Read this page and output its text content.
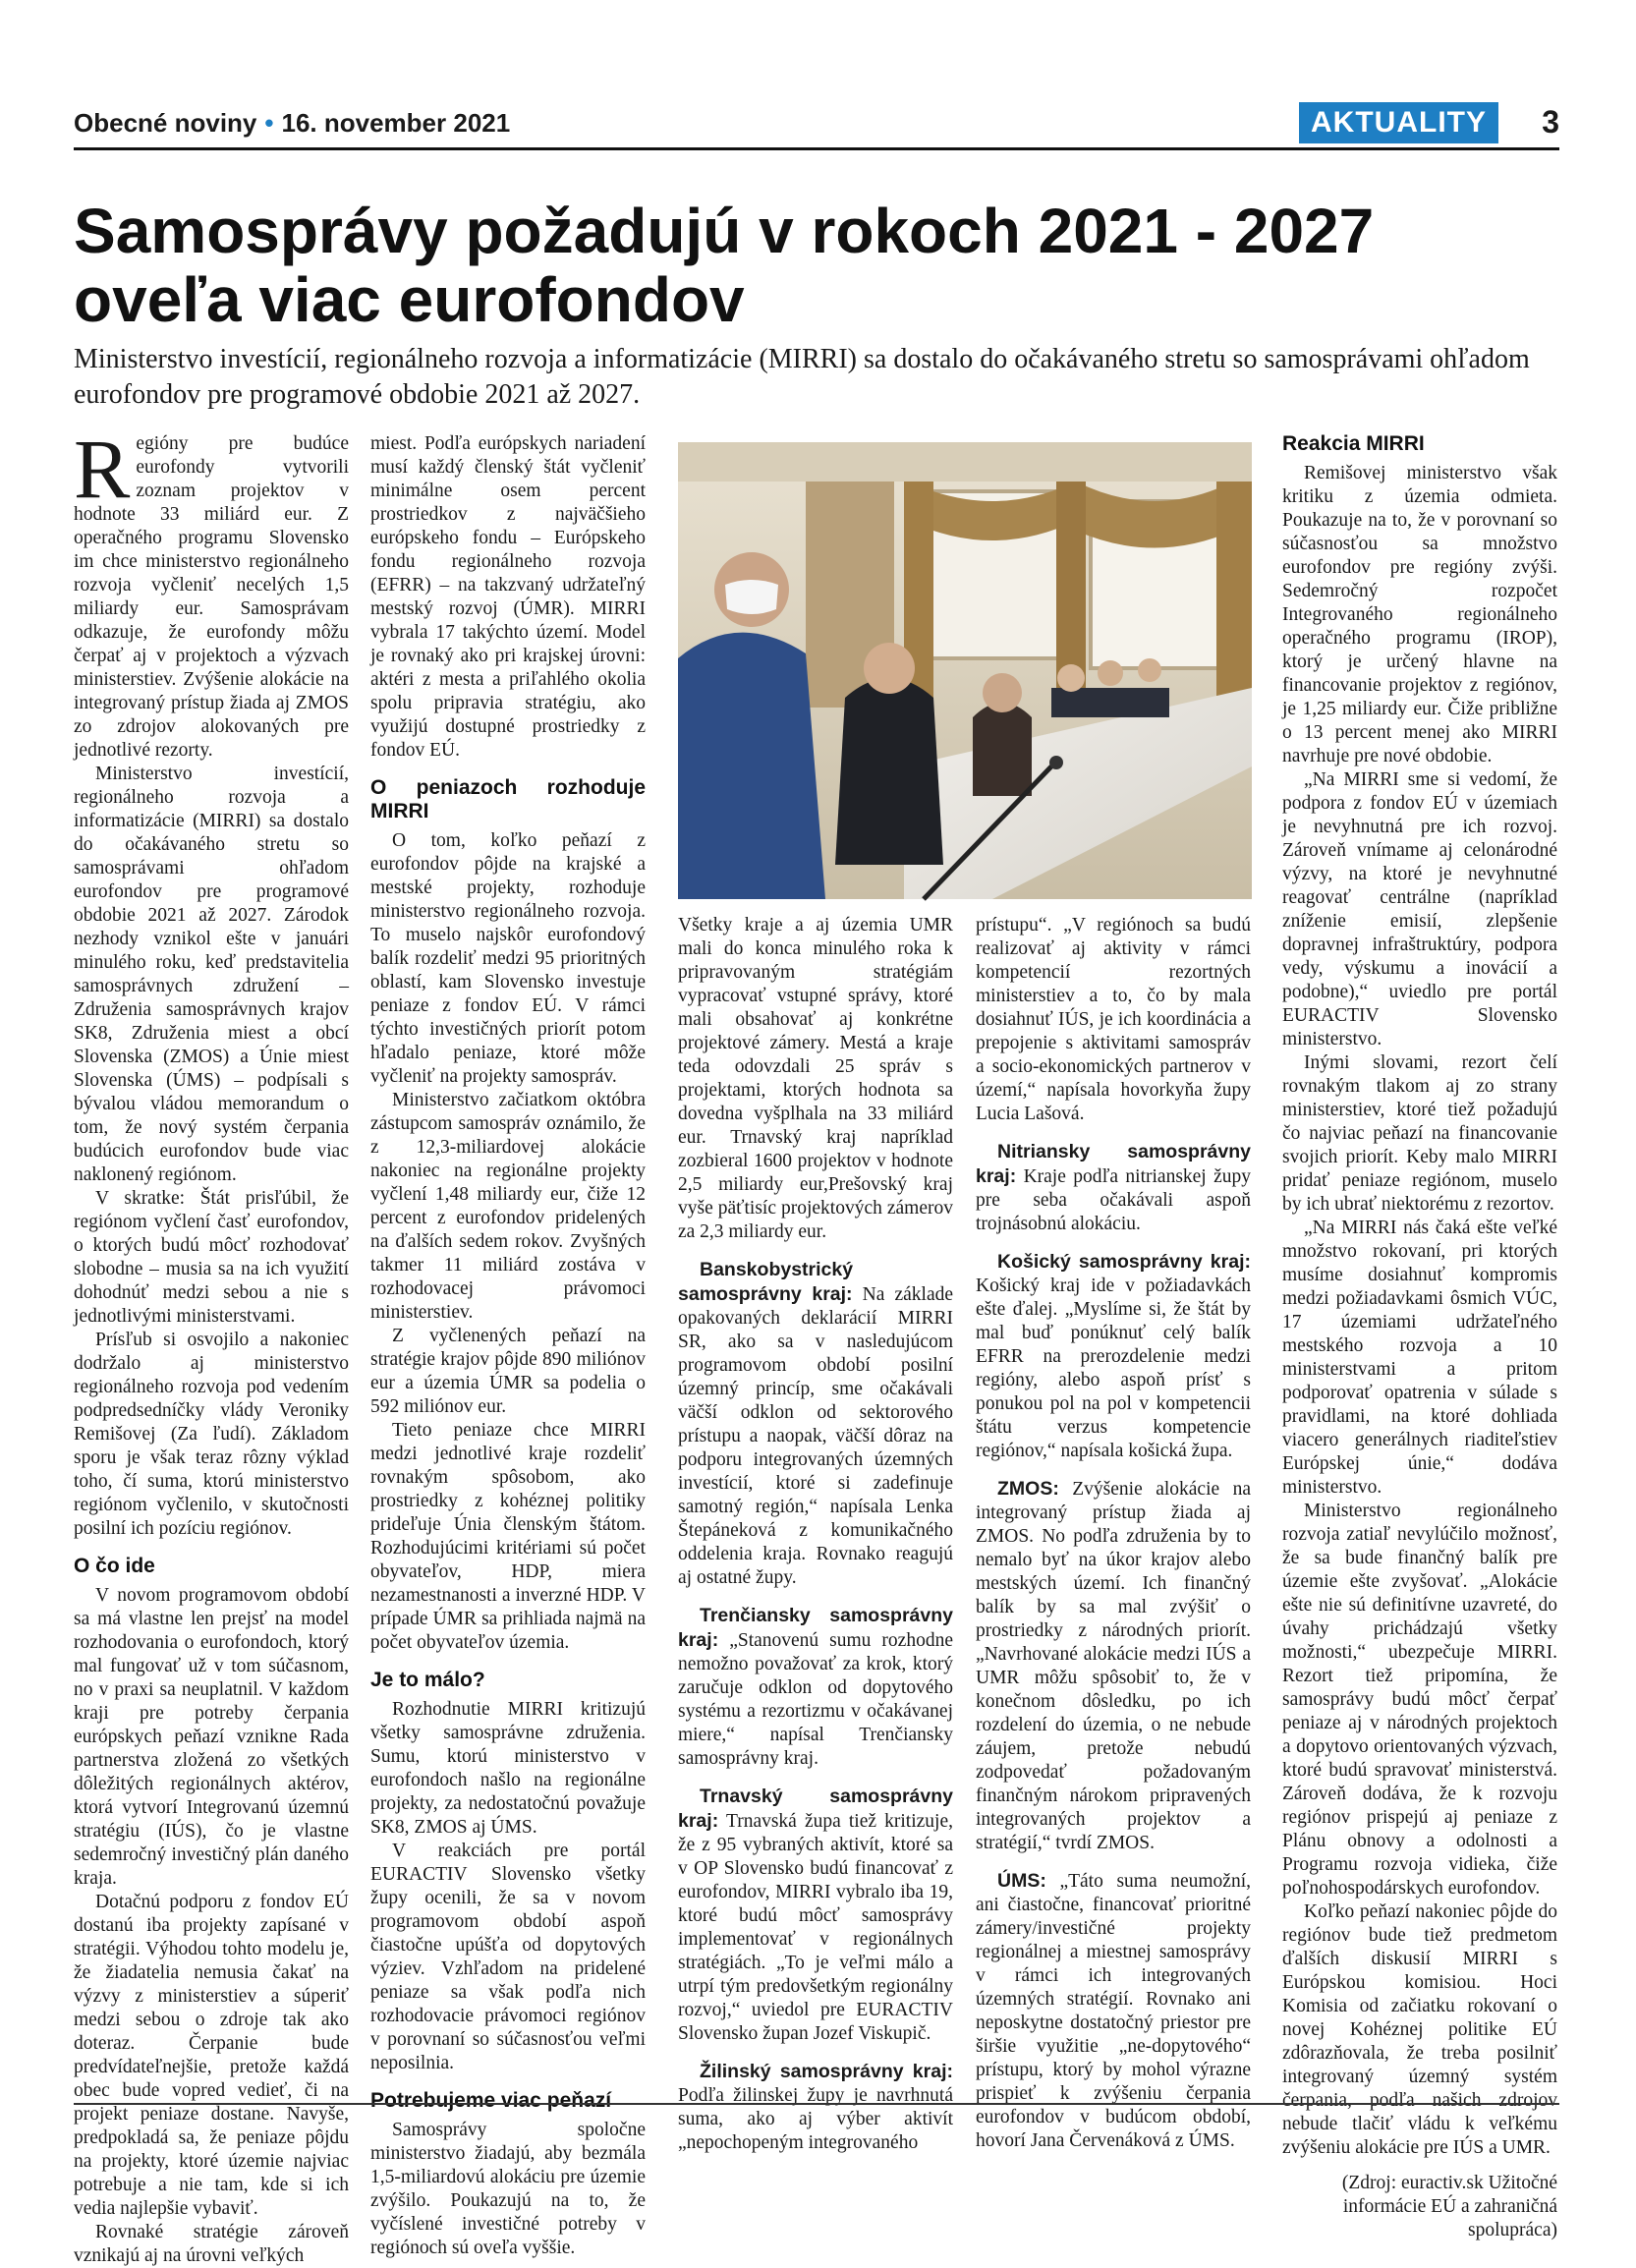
Obecné noviny • 16. november 2021	AKTUALITY	3
Samosprávy požadujú v rokoch 2021 - 2027 oveľa viac eurofondov
Ministerstvo investícií, regionálneho rozvoja a informatizácie (MIRRI) sa dostalo do očakávaného stretu so samosprávami ohľadom eurofondov pre programové obdobie 2021 až 2027.

Regióny pre budúce eurofondy vytvorili zoznam projektov v hodnote 33 miliárd eur. Z operačného programu Slovensko im chce ministerstvo regionálneho rozvoja vyčleniť necelých 1,5 miliardy eur. Samosprávam odkazuje, že eurofondy môžu čerpať aj v projektoch a výzvach ministerstiev. Zvýšenie alokácie na integrovaný prístup žiada aj ZMOS zo zdrojov alokovaných pre jednotlivé rezorty.

Ministerstvo investícií, regionálneho rozvoja a informatizácie (MIRRI) sa dostalo do očakávaného stretu so samosprávami ohľadom eurofondov pre programové obdobie 2021 až 2027. Zárodok nezhody vznikol ešte v januári minulého roku, keď predstavitelia samosprávnych združení – Združenia samosprávnych krajov SK8, Združenia miest a obcí Slovenska (ZMOS) a Únie miest Slovenska (ÚMS) – podpísali s bývalou vládou memorandum o tom, že nový systém čerpania budúcich eurofondov bude viac naklonený regiónom.

V skratke: Štát prisľúbil, že regiónom vyčlení časť eurofondov, o ktorých budú môcť rozhodovať slobodne – musia sa na ich využití dohodnúť medzi sebou a nie s jednotlivými ministerstvami.

Prísľub si osvojilo a nakoniec dodržalo aj ministerstvo regionálneho rozvoja pod vedením podpredsedníčky vlády Veroniky Remišovej (Za ľudí). Základom sporu je však teraz rôzny výklad toho, čí suma, ktorú ministerstvo regiónom vyčlenilo, v skutočnosti posilní ich pozíciu regiónov.

O čo ide

V novom programovom období sa má vlastne len prejsť na model rozhodovania o eurofondoch, ktorý mal fungovať už v tom súčasnom, no v praxi sa neuplatnil. V každom kraji pre potreby čerpania európskych peňazí vznikne Rada partnerstva zložená zo všetkých dôležitých regionálnych aktérov, ktorá vytvorí Integrovanú územnú stratégiu (IÚS), čo je vlastne sedemročný investičný plán daného kraja.

Dotačnú podporu z fondov EÚ dostanú iba projekty zapísané v stratégii. Výhodou tohto modelu je, že žiadatelia nemusia čakať na výzvy z ministerstiev a súperiť medzi sebou o zdroje tak ako doteraz. Čerpanie bude predvídateľnejšie, pretože každá obec bude vopred vedieť, či na projekt peniaze dostane. Navyše, predpokladá sa, že peniaze pôjdu na projekty, ktoré územie najviac potrebuje a nie tam, kde si ich vedia najlepšie vybaviť.

Rovnaké stratégie zároveň vznikajú aj na úrovni veľkých

miest. Podľa európskych nariadení musí každý členský štát vyčleniť minimálne osem percent prostriedkov z najväčšieho európskeho fondu – Európskeho fondu regionálneho rozvoja (EFRR) – na takzvaný udržateľný mestský rozvoj (ÚMR). MIRRI vybrala 17 takýchto území. Model je rovnaký ako pri krajskej úrovni: aktéri z mesta a priľahlého okolia spolu pripravia stratégiu, ako využijú dostupné prostriedky z fondov EÚ.

O peniazoch rozhoduje MIRRI

O tom, koľko peňazí z eurofondov pôjde na krajské a mestské projekty, rozhoduje ministerstvo regionálneho rozvoja. To muselo najskôr eurofondový balík rozdeliť medzi 95 prioritných oblastí, kam Slovensko investuje peniaze z fondov EÚ. V rámci týchto investičných priorít potom hľadalo peniaze, ktoré môže vyčleniť na projekty samospráv.

Ministerstvo začiatkom októbra zástupcom samospráv oznámilo, že z 12,3-miliardovej alokácie nakoniec na regionálne projekty vyčlení 1,48 miliardy eur, čiže 12 percent z eurofondov pridelených na ďalších sedem rokov. Zvyšných takmer 11 miliárd zostáva v rozhodovacej právomoci ministerstiev.

Z vyčlenených peňazí na stratégie krajov pôjde 890 miliónov eur a územia ÚMR sa podelia o 592 miliónov eur.

Tieto peniaze chce MIRRI medzi jednotlivé kraje rozdeliť rovnakým spôsobom, ako prostriedky z kohéznej politiky prideľuje Únia členským štátom. Rozhodujúcimi kritériami sú počet obyvateľov, HDP, miera nezamestnanosti a inverzné HDP. V prípade ÚMR sa prihliada najmä na počet obyvateľov územia.

Je to málo?

Rozhodnutie MIRRI kritizujú všetky samosprávne združenia. Sumu, ktorú ministerstvo v eurofondoch našlo na regionálne projekty, za nedostatočnú považuje SK8, ZMOS aj ÚMS.

V reakciách pre portál EURACTIV Slovensko všetky župy ocenili, že sa v novom programovom období aspoň čiastočne upúšťa od dopytových výziev. Vzhľadom na pridelené peniaze sa však podľa nich rozhodovacie právomoci regiónov v porovnaní so súčasnosťou veľmi neposilnia.

Potrebujeme viac peňazí

Samosprávy spoločne ministerstvo žiadajú, aby bezmála 1,5-miliardovú alokáciu pre územie zvýšilo. Poukazujú na to, že vyčíslené investičné potreby v regiónoch sú oveľa vyššie.

Všetky kraje a aj územia UMR mali do konca minulého roka k pripravovaným stratégiám vypracovať vstupné správy, ktoré mali obsahovať aj konkrétne projektové zámery. Mestá a kraje teda odovzdali 25 správ s projektami, ktorých hodnota sa dovedna vyšplhala na 33 miliárd eur. Trnavský kraj napríklad zozbieral 1600 projektov v hodnote 2,5 miliardy eur,Prešovský kraj vyše päťtisíc projektových zámerov za 2,3 miliardy eur.

Banskobystrický samosprávny kraj: Na základe opakovaných deklarácií MIRRI SR, ako sa v nasledujúcom programovom období posilní územný princíp, sme očakávali väčší odklon od sektorového prístupu a naopak, väčší dôraz na podporu integrovaných územných investícií, ktoré si zadefinuje samotný región,“ napísala Lenka Štepáneková z komunikačného oddelenia kraja. Rovnako reagujú aj ostatné župy.

Trenčiansky samosprávny kraj: „Stanovenú sumu rozhodne nemožno považovať za krok, ktorý zaručuje odklon od dopytového systému a rezortizmu v očakávanej miere,“ napísal Trenčiansky samosprávny kraj.

Trnavský samosprávny kraj: Trnavská župa tiež kritizuje, že z 95 vybraných aktivít, ktoré sa v OP Slovensko budú financovať z eurofondov, MIRRI vybralo iba 19, ktoré budú môcť samosprávy implementovať v regionálnych stratégiách. „To je veľmi málo a utrpí tým predovšetkým regionálny rozvoj,“ uviedol pre EURACTIV Slovensko župan Jozef Viskupič.

Žilinský samosprávny kraj: Podľa žilinskej župy je navrhnutá suma, ako aj výber aktivít „nepochopeným integrovaného

prístupu“. „V regiónoch sa budú realizovať aj aktivity v rámci kompetencií rezortných ministerstiev a to, čo by mala dosiahnuť IÚS, je ich koordinácia a prepojenie s aktivitami samospráv a socio-ekonomických partnerov v území,“ napísala hovorkyňa župy Lucia Lašová.

Nitriansky samosprávny kraj: Kraje podľa nitrianskej župy pre seba očakávali aspoň trojnásobnú alokáciu.

Košický samosprávny kraj: Košický kraj ide v požiadavkách ešte ďalej. „Myslíme si, že štát by mal buď ponúknuť celý balík EFRR na prerozdelenie medzi regióny, alebo aspoň prísť s ponukou pol na pol v kompetencii štátu verzus kompetencie regiónov,“ napísala košická župa.

ZMOS: Zvýšenie alokácie na integrovaný prístup žiada aj ZMOS. No podľa združenia by to nemalo byť na úkor krajov alebo mestských území. Ich finančný balík by sa mal zvýšiť o prostriedky z národných priorít. „Navrhované alokácie medzi IÚS a UMR môžu spôsobiť to, že v konečnom dôsledku, po ich rozdelení do územia, o ne nebude záujem, pretože nebudú zodpovedať požadovaným finančným nárokom pripravených integrovaných projektov a stratégií,“ tvrdí ZMOS.

ÚMS: „Táto suma neumožní, ani čiastočne, financovať prioritné zámery/investičné projekty regionálnej a miestnej samosprávy v rámci ich integrovaných územných stratégií. Rovnako ani neposkytne dostatočný priestor pre širšie využitie „ne-dopytového“ prístupu, ktorý by mohol výrazne prispieť k zvýšeniu čerpania eurofondov v budúcom období, hovorí Jana Červenáková z ÚMS.

Reakcia MIRRI

Remišovej ministerstvo však kritiku z územia odmieta. Poukazuje na to, že v porovnaní so súčasnosťou sa množstvo eurofondov pre regióny zvýši. Sedemročný rozpočet Integrovaného regionálneho operačného programu (IROP), ktorý je určený hlavne na financovanie projektov z regiónov, je 1,25 miliardy eur. Čiže približne o 13 percent menej ako MIRRI navrhuje pre nové obdobie.

„Na MIRRI sme si vedomí, že podpora z fondov EÚ v územiach je nevyhnutná pre ich rozvoj. Zároveň vnímame aj celonárodné výzvy, na ktoré je nevyhnutné reagovať centrálne (napríklad zníženie emisií, zlepšenie dopravnej infraštruktúry, podpora vedy, výskumu a inovácií a podobne),“ uviedlo pre portál EURACTIV Slovensko ministerstvo.

Inými slovami, rezort čelí rovnakým tlakom aj zo strany ministerstiev, ktoré tiež požadujú čo najviac peňazí na financovanie svojich priorít. Keby malo MIRRI pridať peniaze regiónom, muselo by ich ubrať niektorému z rezortov.

„Na MIRRI nás čaká ešte veľké množstvo rokovaní, pri ktorých musíme dosiahnuť kompromis medzi požiadavkami ôsmich VÚC, 17 územiami udržateľného mestského rozvoja a 10 ministerstvami a pritom podporovať opatrenia v súlade s pravidlami, na ktoré dohliada viacero generálnych riaditeľstiev Európskej únie,“ dodáva ministerstvo.

Ministerstvo regionálneho rozvoja zatiaľ nevylúčilo možnosť, že sa bude finančný balík pre územie ešte zvyšovať. „Alokácie ešte nie sú definitívne uzavreté, do úvahy prichádzajú všetky možnosti,“ ubezpečuje MIRRI. Rezort tiež pripomína, že samosprávy budú môcť čerpať peniaze aj v národných projektoch a dopytovo orientovaných výzvach, ktoré budú spravovať ministerstvá. Zároveň dodáva, že k rozvoju regiónov prispejú aj peniaze z Plánu obnovy a odolnosti a Programu rozvoja vidieka, čiže poľnohospodárskych eurofondov.

Koľko peňazí nakoniec pôjde do regiónov bude tiež predmetom ďalších diskusií MIRRI s Európskou komisiou. Hoci Komisia od začiatku rokovaní o novej Kohéznej politike EÚ zdôrazňovala, že treba posilniť integrovaný územný systém čerpania, podľa našich zdrojov nebude tlačiť vládu k veľkému zvýšeniu alokácie pre IÚS a UMR.

(Zdroj: euractiv.sk Užitočné informácie EÚ a zahraničná spolupráca)
